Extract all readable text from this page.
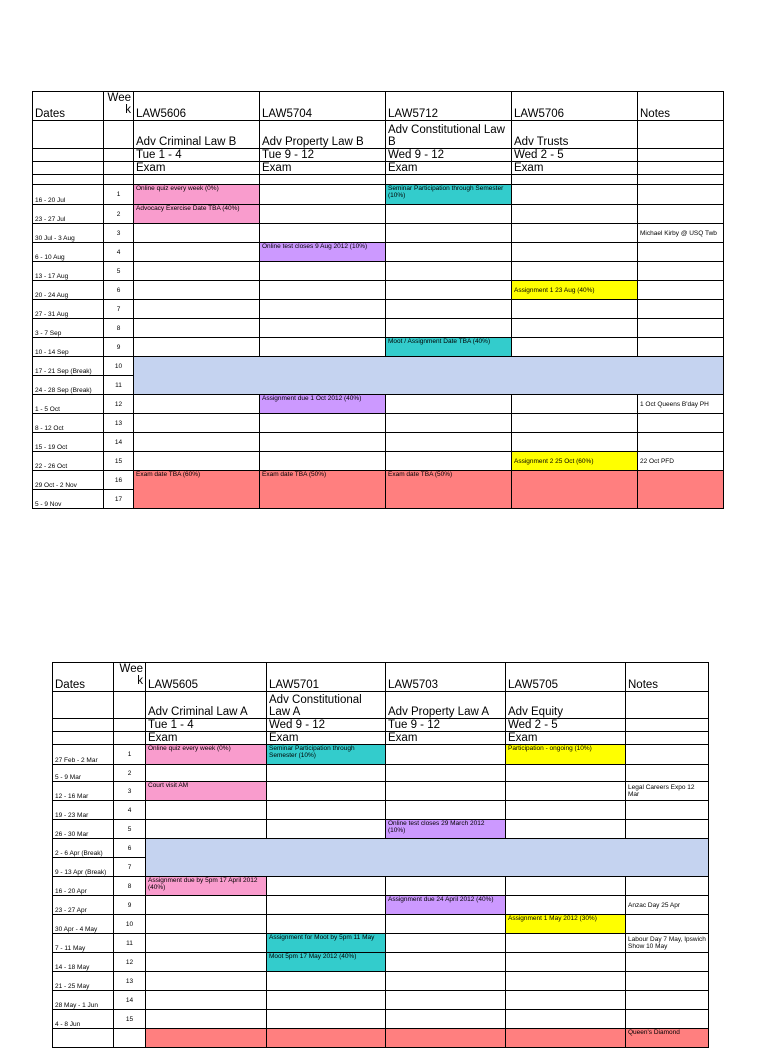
Dates	Wee
k	LAW5606	LAW5704	LAW5712	LAW5706	Notes
		Adv Criminal Law B	Adv Property Law B	Adv Constitutional Law B	Adv Trusts	
		Tue 1 - 4	Tue 9 - 12	Wed 9 - 12	Wed 2 - 5	
		Exam	Exam	Exam	Exam	

16 - 20 Jul	1	Online quiz every week (0%)		Seminar Participation through Semester (10%)		
23 - 27 Jul	2	Advocacy Exercise Date TBA (40%)				
30 Jul - 3 Aug	3					Michael Kirby @ USQ Twb
6 - 10 Aug	4		Online test closes 9 Aug 2012 (10%)			
13 - 17 Aug	5					
20 - 24 Aug	6				Assignment 1 23 Aug (40%)	
27 - 31 Aug	7					
3 - 7 Sep	8					
10 - 14 Sep	9			Moot / Assignment Date TBA (40%)		
17 - 21 Sep (Break)	10					
24 - 28 Sep (Break)	11					
1 - 5 Oct	12		Assignment due 1 Oct 2012 (40%)			1 Oct Queens B'day PH
8 - 12 Oct	13					
15 - 19 Oct	14					
22 - 26 Oct	15				Assignment 2 25 Oct (60%)	22 Oct PFD
29 Oct - 2 Nov	16	Exam date TBA (60%)	Exam date TBA (50%)	Exam date TBA (50%)		
5 - 9 Nov	17					
Dates	Wee
k	LAW5605	LAW5701	LAW5703	LAW5705	Notes
		Adv Criminal Law A	Adv Constitutional Law A	Adv Property Law A	Adv Equity	
		Tue 1 - 4	Wed 9 - 12	Tue 9 - 12	Wed 2 - 5	
		Exam	Exam	Exam	Exam	
27 Feb - 2 Mar	1	Online quiz every week (0%)	Seminar Participation through Semester (10%)		Participation - ongoing (10%)	
5 - 9 Mar	2					
12 - 16 Mar	3	Court visit AM				Legal Careers Expo 12 Mar
19 - 23 Mar	4					
26 - 30 Mar	5			Online test closes 29 March 2012 (10%)		
2 - 6 Apr (Break)	6					
9 - 13 Apr (Break)	7					
16 - 20 Apr	8	Assignment due by 5pm 17 April 2012 (40%)				
23 - 27 Apr	9			Assignment due 24 April 2012 (40%)		Anzac Day 25 Apr
30 Apr - 4 May	10				Assignment 1 May 2012 (30%)	
7 - 11 May	11		Assignment for Moot by 5pm 11 May			Labour Day 7 May, Ipswich Show 10 May
14 - 18 May	12		Moot 5pm 17 May 2012 (40%)			
21 - 25 May	13					
28 May - 1 Jun	14					
4 - 8 Jun	15					
						Queen's Diamond
